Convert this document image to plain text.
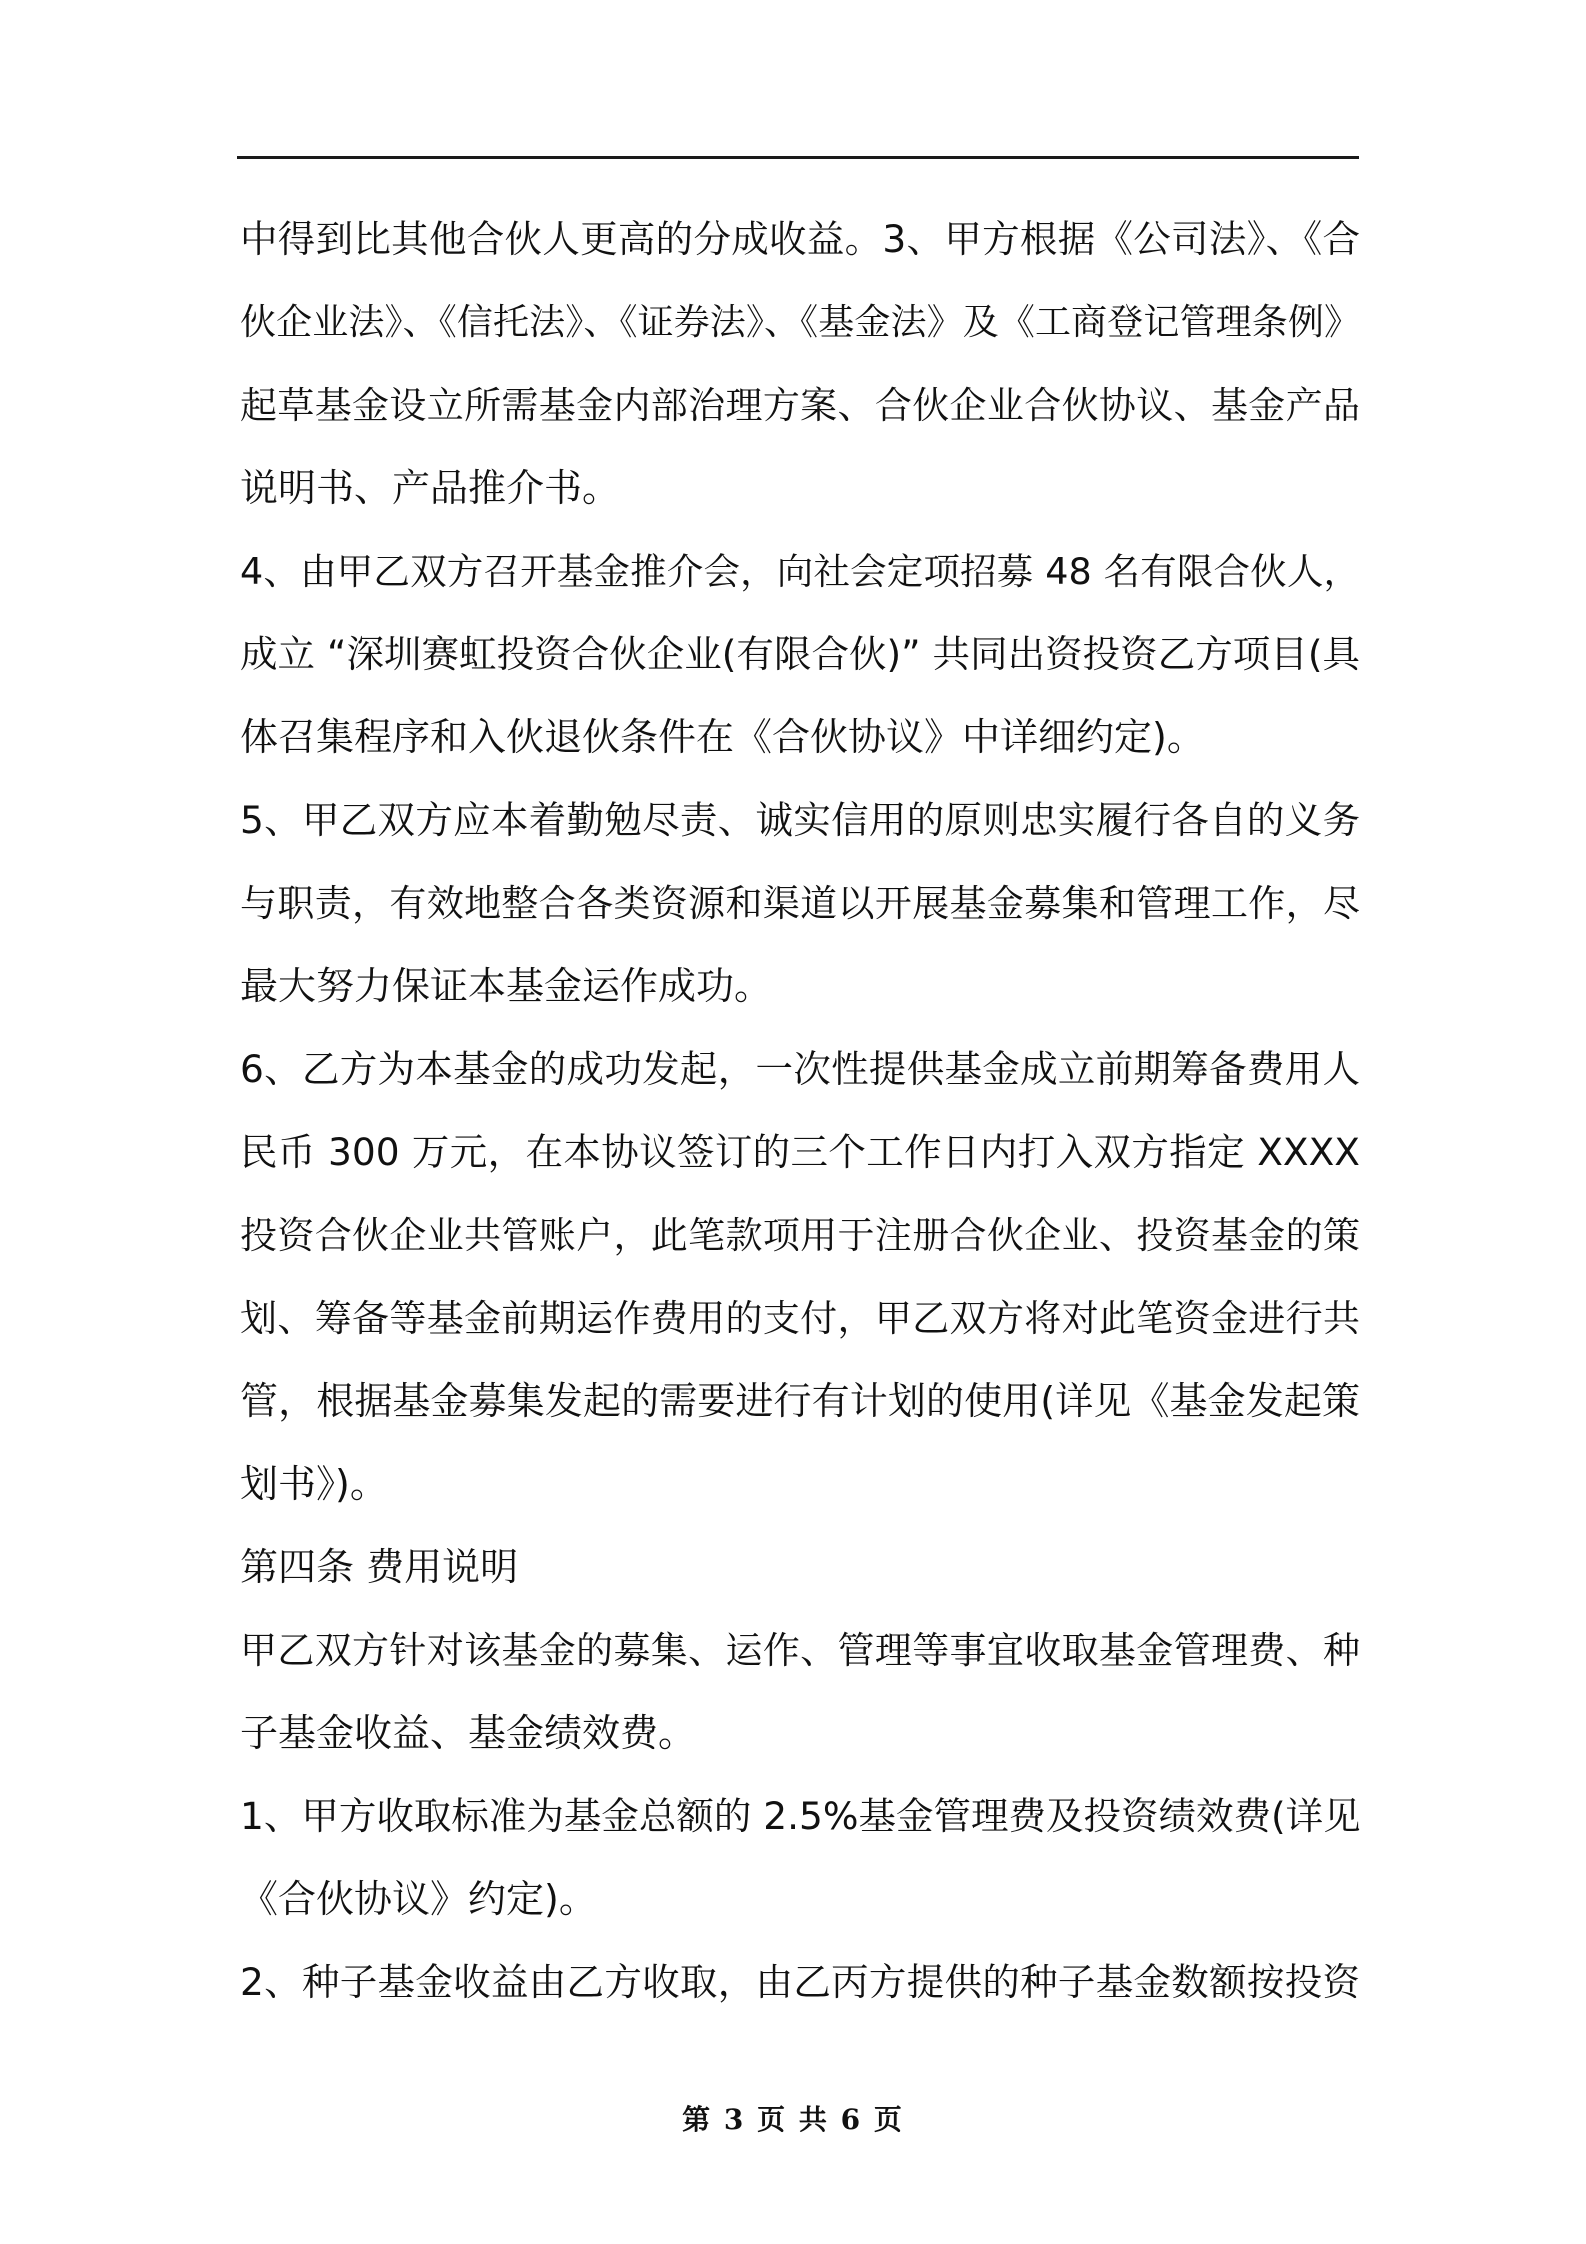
中得到比其他合伙人更高的分成收益。3、甲方根据《公司法》、《合
伙企业法》、《信托法》、《证券法》、《基金法》及《工商登记管理条例》
起草基金设立所需基金内部治理方案、合伙企业合伙协议、基金产品
说明书、产品推介书。
4、由甲乙双方召开基金推介会，向社会定项招募 48 名有限合伙人，
成立 “深圳赛虹投资合伙企业(有限合伙)” 共同出资投资乙方项目(具
体召集程序和入伙退伙条件在《合伙协议》中详细约定)。
5、甲乙双方应本着勤勉尽责、诚实信用的原则忠实履行各自的义务
与职责，有效地整合各类资源和渠道以开展基金募集和管理工作，尽
最大努力保证本基金运作成功。
6、乙方为本基金的成功发起，一次性提供基金成立前期筹备费用人
民币 300 万元，在本协议签订的三个工作日内打入双方指定 XXXX
投资合伙企业共管账户，此笔款项用于注册合伙企业、投资基金的策
划、筹备等基金前期运作费用的支付，甲乙双方将对此笔资金进行共
管，根据基金募集发起的需要进行有计划的使用(详见《基金发起策
划书》)。
第四条 费用说明
甲乙双方针对该基金的募集、运作、管理等事宜收取基金管理费、种
子基金收益、基金绩效费。
1、甲方收取标准为基金总额的 2.5%基金管理费及投资绩效费(详见
《合伙协议》约定)。
2、种子基金收益由乙方收取，由乙丙方提供的种子基金数额按投资
第 3 页 共 6 页
